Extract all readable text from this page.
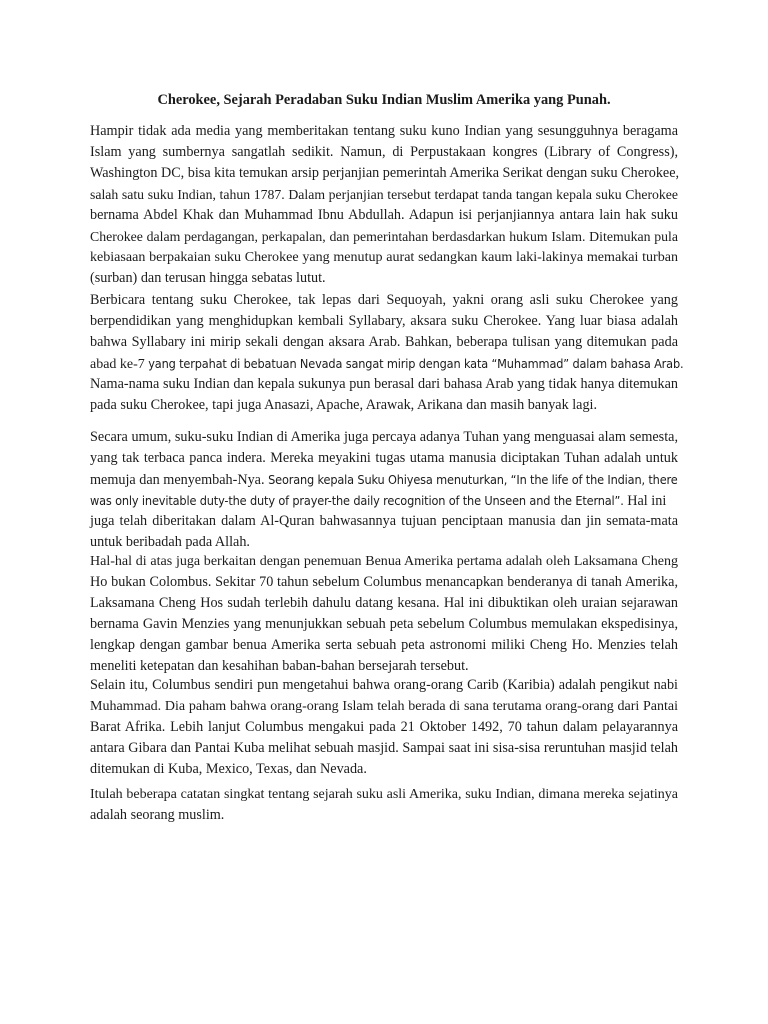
Cherokee, Sejarah Peradaban Suku Indian Muslim Amerika yang Punah.
Hampir tidak ada media yang memberitakan tentang suku kuno Indian yang sesungguhnya beragama
Islam yang sumbernya sangatlah sedikit. Namun, di Perpustakaan kongres (Library of Congress),
Washington DC, bisa kita temukan arsip perjanjian pemerintah Amerika Serikat dengan suku Cherokee,
salah satu suku Indian, tahun 1787. Dalam perjanjian tersebut terdapat tanda tangan kepala suku Cherokee
bernama Abdel Khak dan Muhammad Ibnu Abdullah. Adapun isi perjanjiannya antara lain hak suku
Cherokee dalam perdagangan, perkapalan, dan pemerintahan berdasdarkan hukum Islam. Ditemukan pula
kebiasaan berpakaian suku Cherokee yang menutup aurat sedangkan kaum laki-lakinya memakai turban
(surban) dan terusan hingga sebatas lutut.
Berbicara tentang suku Cherokee, tak lepas dari Sequoyah, yakni orang asli suku Cherokee yang
berpendidikan yang menghidupkan kembali Syllabary, aksara suku Cherokee. Yang luar biasa adalah
bahwa Syllabary ini mirip sekali dengan aksara Arab. Bahkan, beberapa tulisan yang ditemukan pada
abad ke-7 yang terpahat di bebatuan Nevada sangat mirip dengan kata “Muhammad” dalam bahasa Arab.
Nama-nama suku Indian dan kepala sukunya pun berasal dari bahasa Arab yang tidak hanya ditemukan
pada suku Cherokee, tapi juga Anasazi, Apache, Arawak, Arikana dan masih banyak lagi.
Secara umum, suku-suku Indian di Amerika juga percaya adanya Tuhan yang menguasai alam semesta,
yang tak terbaca panca indera. Mereka meyakini tugas utama manusia diciptakan Tuhan adalah untuk
memuja dan menyembah-Nya. Seorang kepala Suku Ohiyesa menuturkan, “In the life of the Indian, there
was only inevitable duty-the duty of prayer-the daily recognition of the Unseen and the Eternal”. Hal ini
juga telah diberitakan dalam Al-Quran bahwasannya tujuan penciptaan manusia dan jin semata-mata
untuk beribadah pada Allah.
Hal-hal di atas juga berkaitan dengan penemuan Benua Amerika pertama adalah oleh Laksamana Cheng
Ho bukan Colombus. Sekitar 70 tahun sebelum Columbus menancapkan benderanya di tanah Amerika,
Laksamana Cheng Hos sudah terlebih dahulu datang kesana. Hal ini dibuktikan oleh uraian sejarawan
bernama Gavin Menzies yang menunjukkan sebuah peta sebelum Columbus memulakan ekspedisinya,
lengkap dengan gambar benua Amerika serta sebuah peta astronomi miliki Cheng Ho. Menzies telah
meneliti ketepatan dan kesahihan baban-bahan bersejarah tersebut.
Selain itu, Columbus sendiri pun mengetahui bahwa orang-orang Carib (Karibia) adalah pengikut nabi
Muhammad. Dia paham bahwa orang-orang Islam telah berada di sana terutama orang-orang dari Pantai
Barat Afrika. Lebih lanjut Columbus mengakui pada 21 Oktober 1492, 70 tahun dalam pelayarannya
antara Gibara dan Pantai Kuba melihat sebuah masjid. Sampai saat ini sisa-sisa reruntuhan masjid telah
ditemukan di Kuba, Mexico, Texas, dan Nevada.
Itulah beberapa catatan singkat tentang sejarah suku asli Amerika, suku Indian, dimana mereka sejatinya
adalah seorang muslim.
